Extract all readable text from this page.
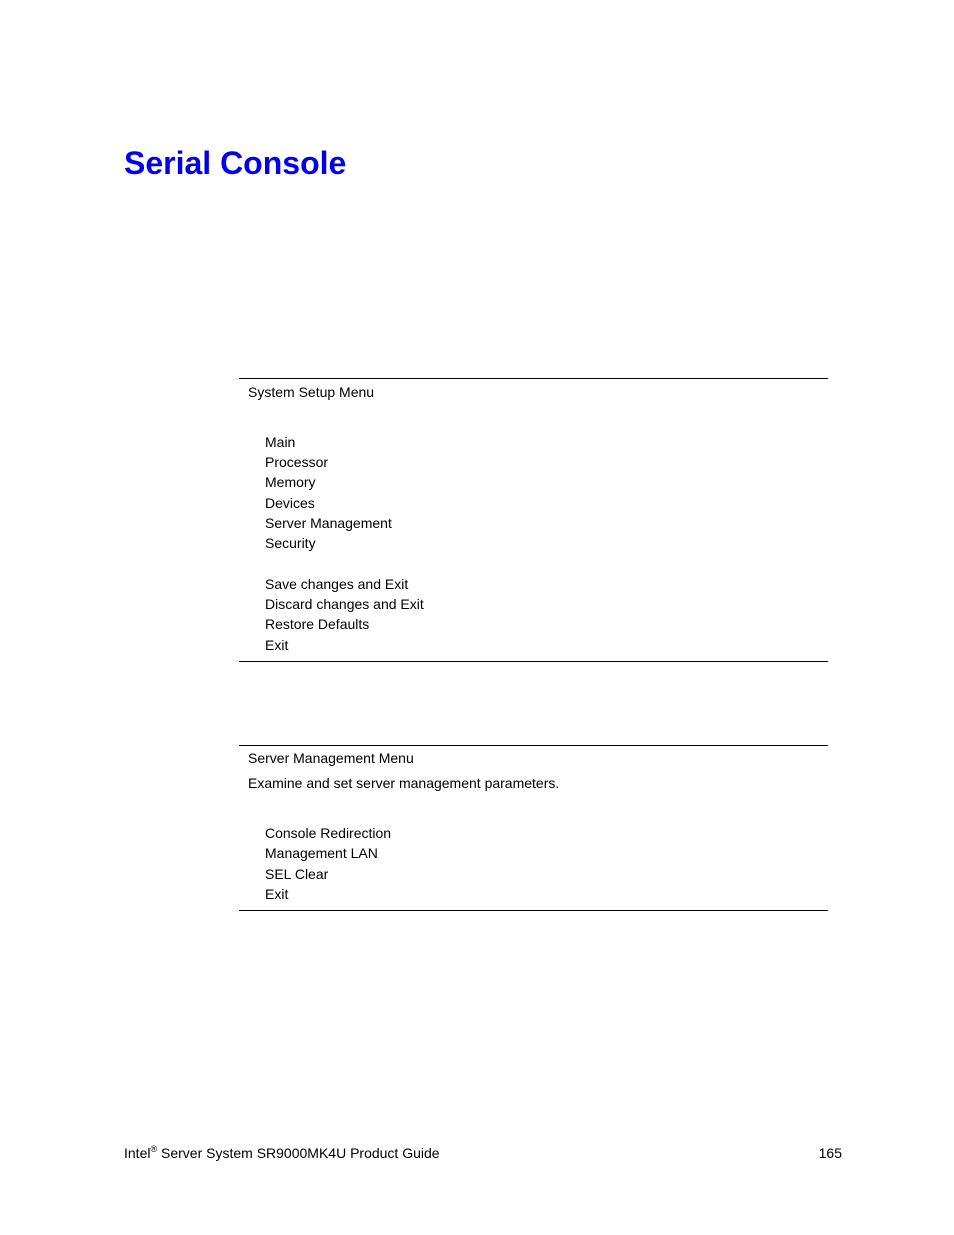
Serial Console
System Setup Menu
Main
Processor
Memory
Devices
Server Management
Security
Save changes and Exit
Discard changes and Exit
Restore Defaults
Exit
Server Management Menu
Examine and set server management parameters.
Console Redirection
Management LAN
SEL Clear
Exit
Intel® Server System SR9000MK4U Product Guide	165
